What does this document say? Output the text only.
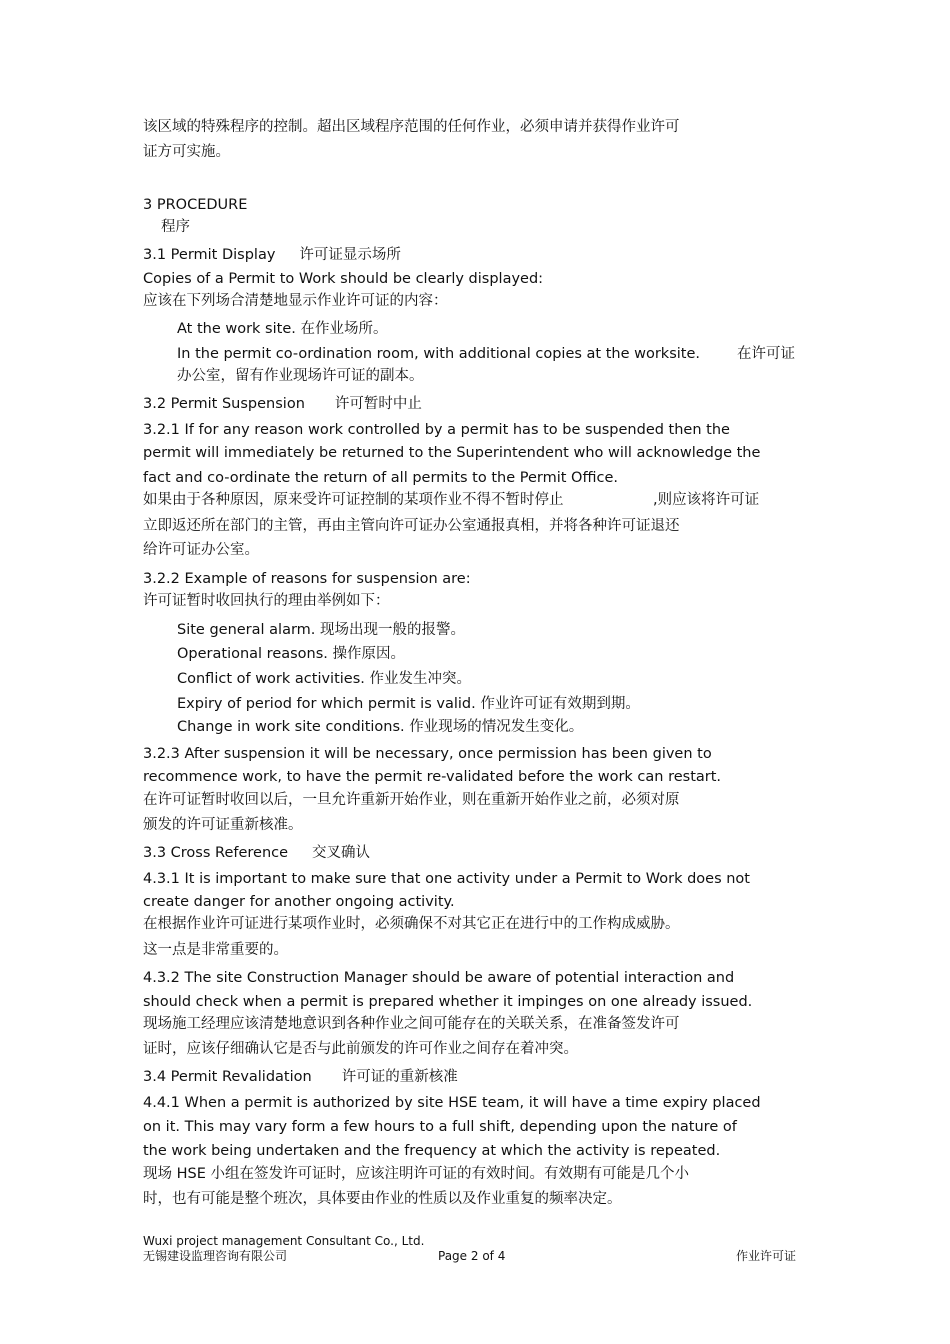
该区域的特殊程序的控制。超出区域程序范围的任何作业，必须申请并获得作业许可
证方可实施。
3 PROCEDURE
程序
3.1 Permit Display 许可证显示场所
Copies of a Permit to Work should be clearly displayed:
应该在下列场合清楚地显示作业许可证的内容：
At the work site. 在作业场所。
In the permit co-ordination room, with additional copies at the worksite.	在许可证
办公室，留有作业现场许可证的副本。
3.2 Permit Suspension 许可暂时中止
3.2.1 If for any reason work controlled by a permit has to be suspended then the
permit will immediately be returned to the Superintendent who will acknowledge the
fact and co-ordinate the return of all permits to the Permit Office.
如果由于各种原因，原来受许可证控制的某项作业不得不暂时停止	,则应该将许可证
立即返还所在部门的主管，再由主管向许可证办公室通报真相，并将各种许可证退还
给许可证办公室。
3.2.2 Example of reasons for suspension are:
许可证暂时收回执行的理由举例如下：
Site general alarm. 现场出现一般的报警。
Operational reasons. 操作原因。
Conflict of work activities. 作业发生冲突。
Expiry of period for which permit is valid. 作业许可证有效期到期。
Change in work site conditions. 作业现场的情况发生变化。
3.2.3 After suspension it will be necessary, once permission has been given to
recommence work, to have the permit re-validated before the work can restart.
在许可证暂时收回以后，一旦允许重新开始作业，则在重新开始作业之前，必须对原
颁发的许可证重新核准。
3.3 Cross Reference 交叉确认
4.3.1 It is important to make sure that one activity under a Permit to Work does not
create danger for another ongoing activity.
在根据作业许可证进行某项作业时，必须确保不对其它正在进行中的工作构成威胁。
这一点是非常重要的。
4.3.2 The site Construction Manager should be aware of potential interaction and
should check when a permit is prepared whether it impinges on one already issued.
现场施工经理应该清楚地意识到各种作业之间可能存在的关联关系，在准备签发许可
证时，应该仔细确认它是否与此前颁发的许可作业之间存在着冲突。
3.4 Permit Revalidation 许可证的重新核准
4.4.1 When a permit is authorized by site HSE team, it will have a time expiry placed
on it. This may vary form a few hours to a full shift, depending upon the nature of
the work being undertaken and the frequency at which the activity is repeated.
现场 HSE 小组在签发许可证时，应该注明许可证的有效时间。有效期有可能是几个小
时，也有可能是整个班次，具体要由作业的性质以及作业重复的频率决定。
Wuxi project management Consultant Co., Ltd.
无锡建设监理咨询有限公司	Page 2 of 4	作业许可证
